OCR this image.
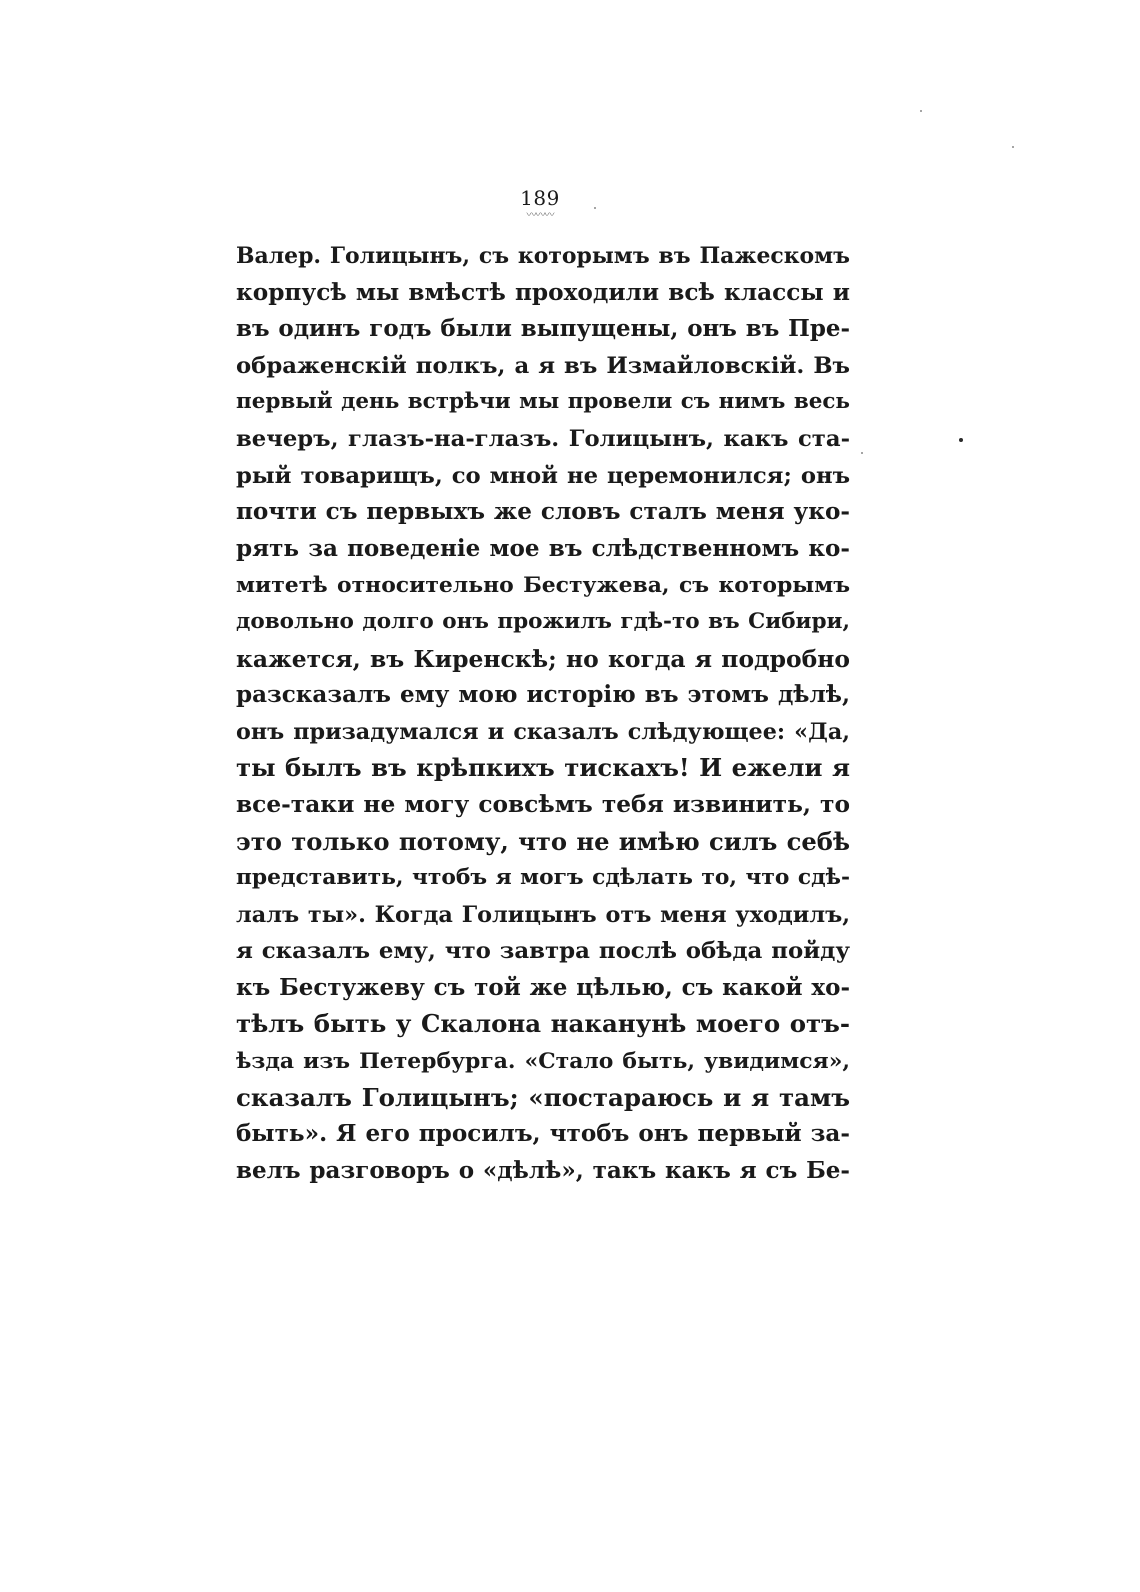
189
〰〰〰
Валер. Голицынъ, съ которымъ въ Пажескомъ
корпусѣ мы вмѣстѣ проходили всѣ классы и
въ одинъ годъ были выпущены, онъ въ Пре-
ображенскій полкъ, а я въ Измайловскій. Въ
первый день встрѣчи мы провели съ нимъ весь
вечеръ, глазъ-на-глазъ. Голицынъ, какъ ста-
рый товарищъ, со мной не церемонился; онъ
почти съ первыхъ же словъ сталъ меня уко-
рять за поведеніе мое въ слѣдственномъ ко-
митетѣ относительно Бестужева, съ которымъ
довольно долго онъ прожилъ гдѣ-то въ Сибири,
кажется, въ Киренскѣ; но когда я подробно
разсказалъ ему мою исторію въ этомъ дѣлѣ,
онъ призадумался и сказалъ слѣдующее: «Да,
ты былъ въ крѣпкихъ тискахъ! И ежели я
все-таки не могу совсѣмъ тебя извинить, то
это только потому, что не имѣю силъ себѣ
представить, чтобъ я могъ сдѣлать то, что сдѣ-
лалъ ты». Когда Голицынъ отъ меня уходилъ,
я сказалъ ему, что завтра послѣ обѣда пойду
къ Бестужеву съ той же цѣлью, съ какой хо-
тѣлъ быть у Скалона наканунѣ моего отъ-
ѣзда изъ Петербурга. «Стало быть, увидимся»,
сказалъ Голицынъ; «постараюсь и я тамъ
быть». Я его просилъ, чтобъ онъ первый за-
велъ разговоръ о «дѣлѣ», такъ какъ я съ Бе-
